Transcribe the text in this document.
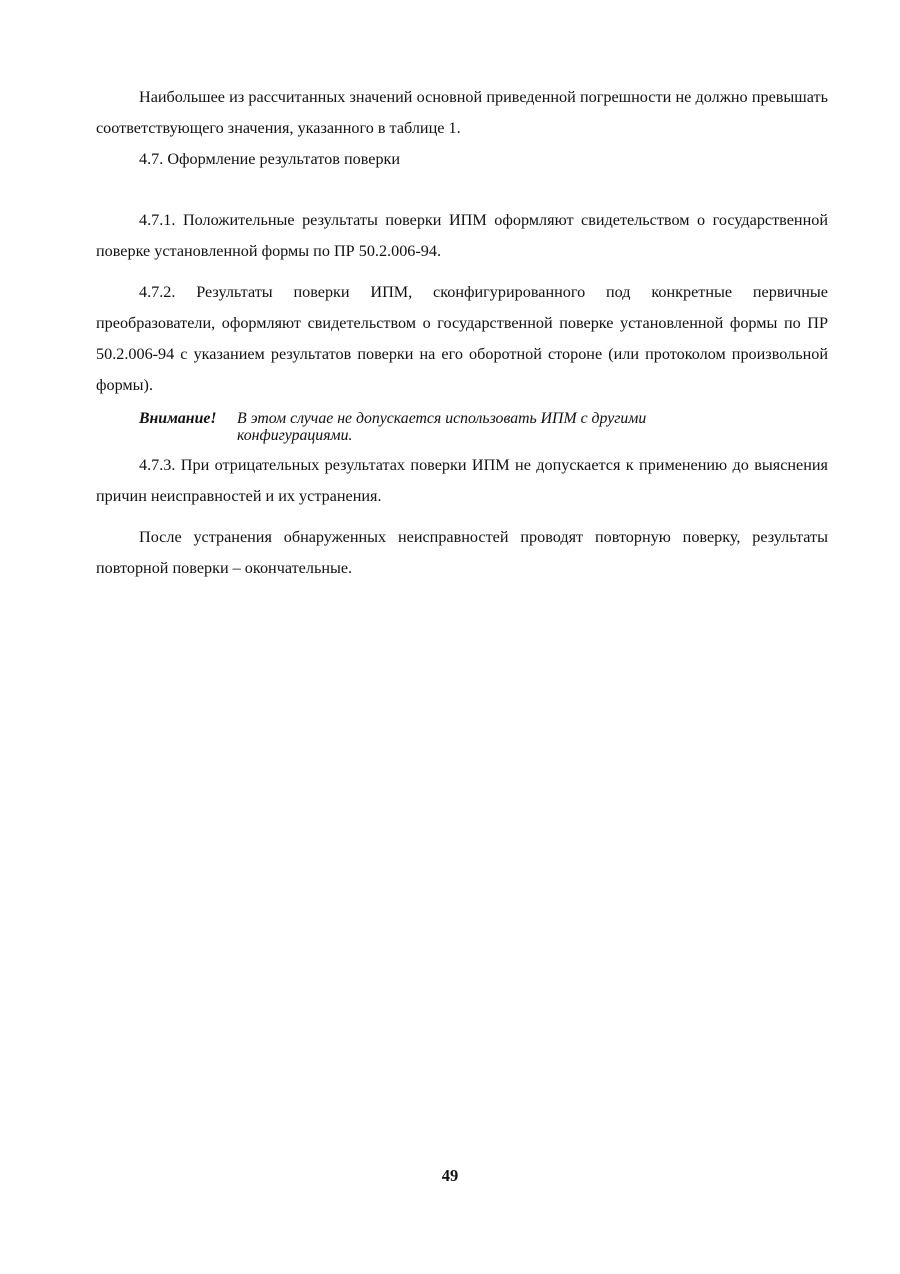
Наибольшее из рассчитанных значений основной приведенной погрешности не должно превышать соответствующего значения, указанного в таблице 1.

4.7. Оформление результатов поверки

4.7.1. Положительные результаты поверки ИПМ оформляют свидетельством о государственной поверке установленной формы по ПР 50.2.006-94.

4.7.2. Результаты поверки ИПМ, сконфигурированного под конкретные первичные преобразователи, оформляют свидетельством о государственной поверке установленной формы по ПР 50.2.006-94 с указанием результатов поверки на его оборотной стороне (или протоколом произвольной формы).

Внимание!	В этом случае не допускается использовать ИПМ с другими конфигурациями.

4.7.3. При отрицательных результатах поверки ИПМ не допускается к применению до выяснения причин неисправностей и их устранения.

После устранения обнаруженных неисправностей проводят повторную поверку, результаты повторной поверки – окончательные.

49
